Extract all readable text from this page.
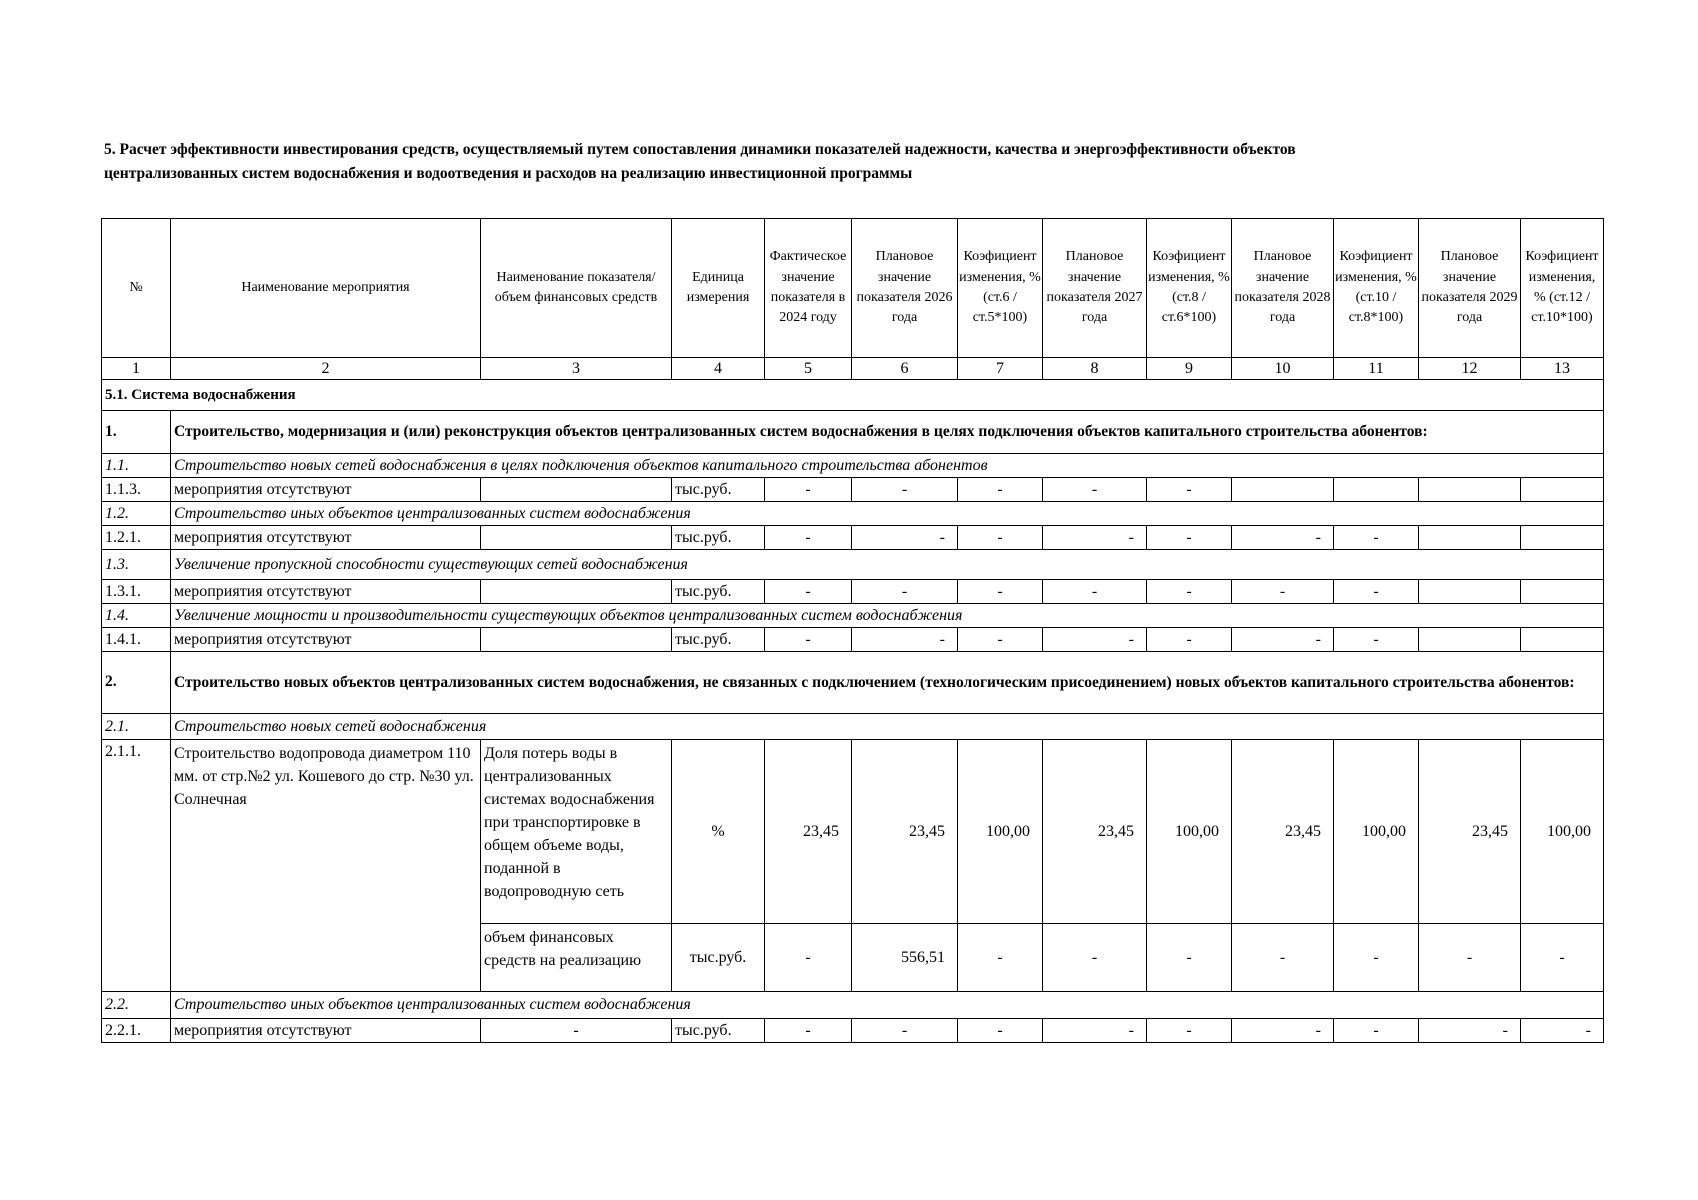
5. Расчет эффективности инвестирования средств, осуществляемый путем сопоставления динамики показателей надежности, качества и энергоэффективности объектов
централизованных систем водоснабжения и водоотведения и расходов на реализацию инвестиционной программы
№	Наименование мероприятия	Наименование показателя/ объем финансовых средств	Единица измерения	Фактическое значение показателя в 2024 году	Плановое значение показателя 2026 года	Коэфициент изменения, % (ст.6 /ст.5*100)	Плановое значение показателя 2027 года	Коэфициент изменения, % (ст.8 /ст.6*100)	Плановое значение показателя 2028 года	Коэфициент изменения, % (ст.10 /ст.8*100)	Плановое значение показателя 2029 года	Коэфициент изменения, % (ст.12 /ст.10*100)
1	2	3	4	5	6	7	8	9	10	11	12	13
5.1. Система водоснабжения												
1.	Строительство, модернизация и (или) реконструкция объектов централизованных систем водоснабжения в целях подключения объектов капитального строительства абонентов:											
1.1.	Строительство новых сетей водоснабжения в целях подключения объектов капитального строительства абонентов											
1.1.3.	мероприятия отсутствуют		тыс.руб.	-	-	-	-	-				
1.2.	Строительство иных объектов централизованных систем водоснабжения											
1.2.1.	мероприятия отсутствуют		тыс.руб.	-	-	-	-	-	-	-		
1.3.	Увеличение пропускной способности существующих сетей водоснабжения											
1.3.1.	мероприятия отсутствуют		тыс.руб.	-	-	-	-	-	-	-		
1.4.	Увеличение мощности и производительности существующих объектов централизованных систем водоснабжения											
1.4.1.	мероприятия отсутствуют		тыс.руб.	-	-	-	-	-	-	-		
2.	Строительство новых объектов централизованных систем водоснабжения, не связанных с подключением (технологическим присоединением) новых объектов капитального строительства абонентов:											
2.1.	Строительство новых сетей водоснабжения											
2.1.1.	Строительство водопровода диаметром 110 мм. от стр.№2 ул. Кошевого до стр. №30 ул. Солнечная	Доля потерь воды в централизованных системах водоснабжения при транспортировке в общем объеме воды, поданной в водопроводную сеть	%	23,45	23,45	100,00	23,45	100,00	23,45	100,00	23,45	100,00
		объем финансовых средств на реализацию	тыс.руб.	-	556,51	-	-	-	-	-	-	-
2.2.	Строительство иных объектов централизованных систем водоснабжения											
2.2.1.	мероприятия отсутствуют	-	тыс.руб.	-	-	-	-	-	-	-	-	-
